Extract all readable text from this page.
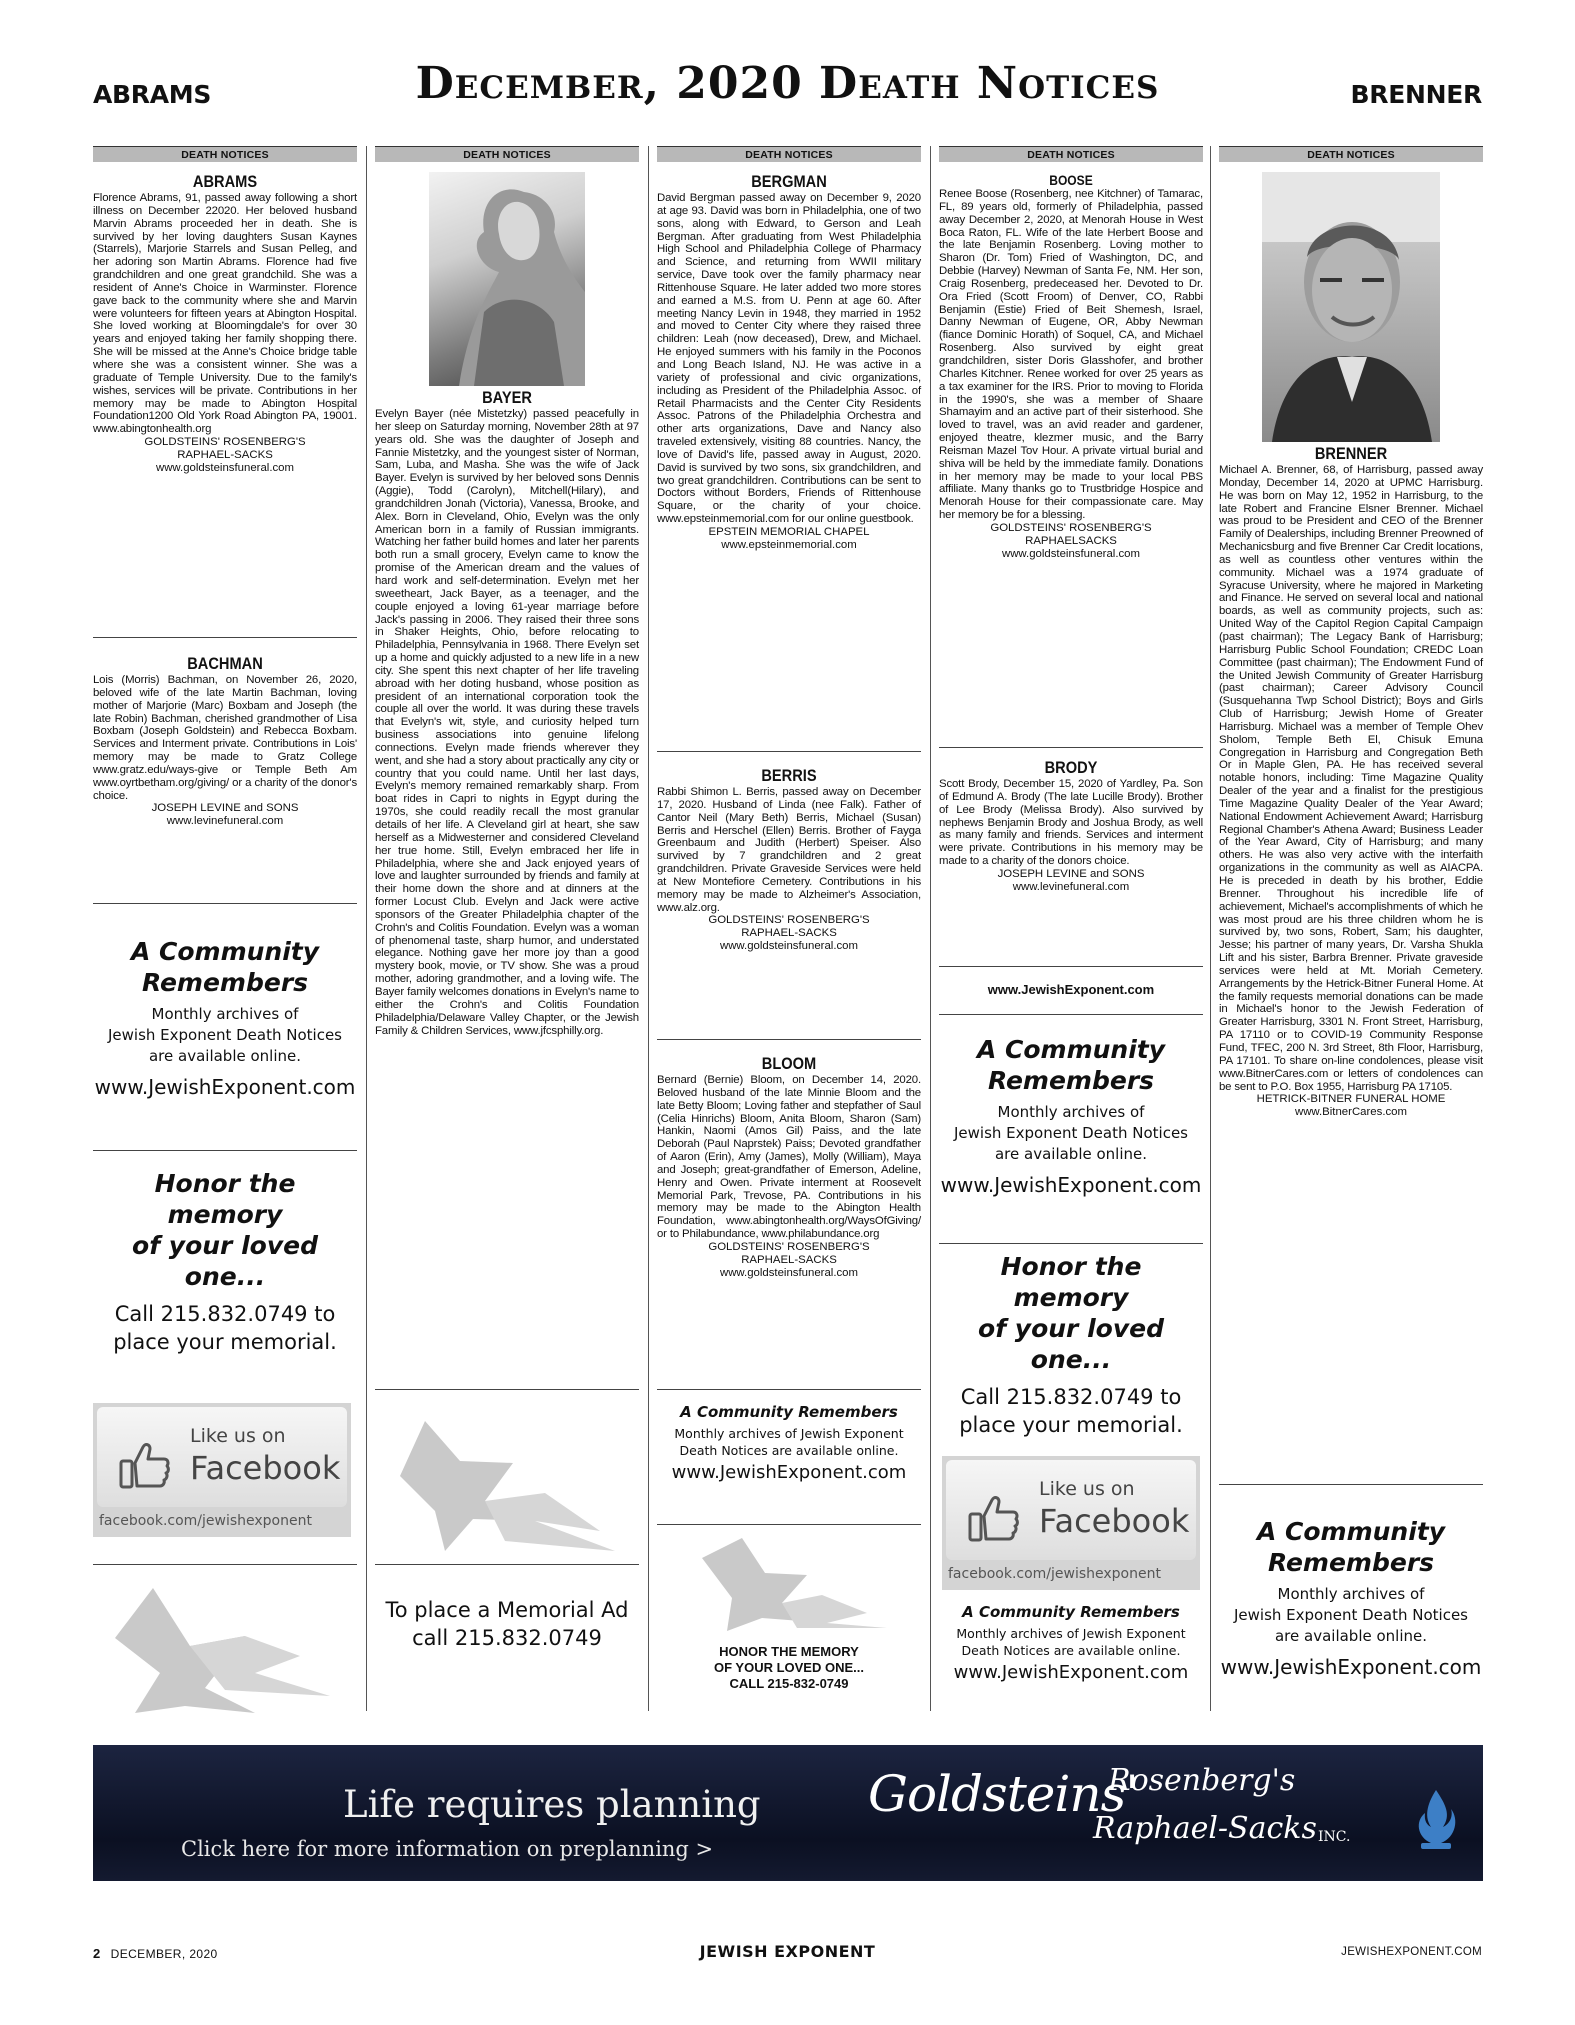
ABRAMS	December, 2020 Death Notices	BRENNER
DEATH NOTICES
ABRAMS
Florence Abrams, 91, passed away following a short illness on December 22020. Her beloved husband Marvin Abrams proceeded her in death. She is survived by her loving daughters Susan Kaynes (Starrels), Marjorie Starrels and Susan Pelleg, and her adoring son Martin Abrams. Florence had five grandchildren and one great grandchild. She was a resident of Anne's Choice in Warminster. Florence gave back to the community where she and Marvin were volunteers for fifteen years at Abington Hospital. She loved working at Bloomingdale's for over 30 years and enjoyed taking her family shopping there. She will be missed at the Anne's Choice bridge table where she was a consistent winner. She was a graduate of Temple University. Due to the family's wishes, services will be private. Contributions in her memory may be made to Abington Hospital Foundation1200 Old York Road Abington PA, 19001. www.abingtonhealth.org
GOLDSTEINS' ROSENBERG'S
RAPHAEL-SACKS
www.goldsteinsfuneral.com
BACHMAN
Lois (Morris) Bachman, on November 26, 2020, beloved wife of the late Martin Bachman, loving mother of Marjorie (Marc) Boxbam and Joseph (the late Robin) Bachman, cherished grandmother of Lisa Boxbam (Joseph Goldstein) and Rebecca Boxbam. Services and Interment private. Contributions in Lois' memory may be made to Gratz College www.gratz.edu/ways-give or Temple Beth Am www.oyrtbetham.org/giving/ or a charity of the donor's choice.
JOSEPH LEVINE and SONS
www.levinefuneral.com
A Community
Remembers
Monthly archives of
Jewish Exponent Death Notices
are available online.
www.JewishExponent.com
Honor the memory
of your loved one...
Call 215.832.0749 to
place your memorial.
Like us on
Facebook
facebook.com/jewishexponent
DEATH NOTICES
BAYER
Evelyn Bayer (née Mistetzky) passed peacefully in her sleep on Saturday morning, November 28th at 97 years old. She was the daughter of Joseph and Fannie Mistetzky, and the youngest sister of Norman, Sam, Luba, and Masha. She was the wife of Jack Bayer. Evelyn is survived by her beloved sons Dennis (Aggie), Todd (Carolyn), Mitchell(Hilary), and grandchildren Jonah (Victoria), Vanessa, Brooke, and Alex. Born in Cleveland, Ohio, Evelyn was the only American born in a family of Russian immigrants. Watching her father build homes and later her parents both run a small grocery, Evelyn came to know the promise of the American dream and the values of hard work and self-determination. Evelyn met her sweetheart, Jack Bayer, as a teenager, and the couple enjoyed a loving 61-year marriage before Jack's passing in 2006. They raised their three sons in Shaker Heights, Ohio, before relocating to Philadelphia, Pennsylvania in 1968. There Evelyn set up a home and quickly adjusted to a new life in a new city. She spent this next chapter of her life traveling abroad with her doting husband, whose position as president of an international corporation took the couple all over the world. It was during these travels that Evelyn's wit, style, and curiosity helped turn business associations into genuine lifelong connections. Evelyn made friends wherever they went, and she had a story about practically any city or country that you could name. Until her last days, Evelyn's memory remained remarkably sharp. From boat rides in Capri to nights in Egypt during the 1970s, she could readily recall the most granular details of her life. A Cleveland girl at heart, she saw herself as a Midwesterner and considered Cleveland her true home. Still, Evelyn embraced her life in Philadelphia, where she and Jack enjoyed years of love and laughter surrounded by friends and family at their home down the shore and at dinners at the former Locust Club. Evelyn and Jack were active sponsors of the Greater Philadelphia chapter of the Crohn's and Colitis Foundation. Evelyn was a woman of phenomenal taste, sharp humor, and understated elegance. Nothing gave her more joy than a good mystery book, movie, or TV show. She was a proud mother, adoring grandmother, and a loving wife. The Bayer family welcomes donations in Evelyn's name to either the Crohn's and Colitis Foundation Philadelphia/Delaware Valley Chapter, or the Jewish Family & Children Services, www.jfcsphilly.org.
To place a Memorial Ad
call 215.832.0749
DEATH NOTICES
BERGMAN
David Bergman passed away on December 9, 2020 at age 93. David was born in Philadelphia, one of two sons, along with Edward, to Gerson and Leah Bergman. After graduating from West Philadelphia High School and Philadelphia College of Pharmacy and Science, and returning from WWII military service, Dave took over the family pharmacy near Rittenhouse Square. He later added two more stores and earned a M.S. from U. Penn at age 60. After meeting Nancy Levin in 1948, they married in 1952 and moved to Center City where they raised three children: Leah (now deceased), Drew, and Michael. He enjoyed summers with his family in the Poconos and Long Beach Island, NJ. He was active in a variety of professional and civic organizations, including as President of the Philadelphia Assoc. of Retail Pharmacists and the Center City Residents Assoc. Patrons of the Philadelphia Orchestra and other arts organizations, Dave and Nancy also traveled extensively, visiting 88 countries. Nancy, the love of David's life, passed away in August, 2020. David is survived by two sons, six grandchildren, and two great grandchildren. Contributions can be sent to Doctors without Borders, Friends of Rittenhouse Square, or the charity of your choice. www.epsteinmemorial.com for our online guestbook.
EPSTEIN MEMORIAL CHAPEL
www.epsteinmemorial.com
BERRIS
Rabbi Shimon L. Berris, passed away on December 17, 2020. Husband of Linda (nee Falk). Father of Cantor Neil (Mary Beth) Berris, Michael (Susan) Berris and Herschel (Ellen) Berris. Brother of Fayga Greenbaum and Judith (Herbert) Speiser. Also survived by 7 grandchildren and 2 great grandchildren. Private Graveside Services were held at New Montefiore Cemetery. Contributions in his memory may be made to Alzheimer's Association, www.alz.org.
GOLDSTEINS' ROSENBERG'S
RAPHAEL-SACKS
www.goldsteinsfuneral.com
BLOOM
Bernard (Bernie) Bloom, on December 14, 2020. Beloved husband of the late Minnie Bloom and the late Betty Bloom; Loving father and stepfather of Saul (Celia Hinrichs) Bloom, Anita Bloom, Sharon (Sam) Hankin, Naomi (Amos Gil) Paiss, and the late Deborah (Paul Naprstek) Paiss; Devoted grandfather of Aaron (Erin), Amy (James), Molly (William), Maya and Joseph; great-grandfather of Emerson, Adeline, Henry and Owen. Private interment at Roosevelt Memorial Park, Trevose, PA. Contributions in his memory may be made to the Abington Health Foundation, www.abingtonhealth.org/WaysOfGiving/ or to Philabundance, www.philabundance.org
GOLDSTEINS' ROSENBERG'S
RAPHAEL-SACKS
www.goldsteinsfuneral.com
A Community Remembers
Monthly archives of Jewish Exponent
Death Notices are available online.
www.JewishExponent.com
HONOR THE MEMORY
OF YOUR LOVED ONE...
CALL 215-832-0749
DEATH NOTICES
BOOSE
Renee Boose (Rosenberg, nee Kitchner) of Tamarac, FL, 89 years old, formerly of Philadelphia, passed away December 2, 2020, at Menorah House in West Boca Raton, FL. Wife of the late Herbert Boose and the late Benjamin Rosenberg. Loving mother to Sharon (Dr. Tom) Fried of Washington, DC, and Debbie (Harvey) Newman of Santa Fe, NM. Her son, Craig Rosenberg, predeceased her. Devoted to Dr. Ora Fried (Scott Froom) of Denver, CO, Rabbi Benjamin (Estie) Fried of Beit Shemesh, Israel, Danny Newman of Eugene, OR, Abby Newman (fiance Dominic Horath) of Soquel, CA, and Michael Rosenberg. Also survived by eight great grandchildren, sister Doris Glasshofer, and brother Charles Kitchner. Renee worked for over 25 years as a tax examiner for the IRS. Prior to moving to Florida in the 1990's, she was a member of Shaare Shamayim and an active part of their sisterhood. She loved to travel, was an avid reader and gardener, enjoyed theatre, klezmer music, and the Barry Reisman Mazel Tov Hour. A private virtual burial and shiva will be held by the immediate family. Donations in her memory may be made to your local PBS affiliate. Many thanks go to Trustbridge Hospice and Menorah House for their compassionate care. May her memory be for a blessing.
GOLDSTEINS' ROSENBERG'S
RAPHAELSACKS
www.goldsteinsfuneral.com
BRODY
Scott Brody, December 15, 2020 of Yardley, Pa. Son of Edmund A. Brody (The late Lucille Brody). Brother of Lee Brody (Melissa Brody). Also survived by nephews Benjamin Brody and Joshua Brody, as well as many family and friends. Services and interment were private. Contributions in his memory may be made to a charity of the donors choice.
JOSEPH LEVINE and SONS
www.levinefuneral.com
www.JewishExponent.com
A Community
Remembers
Monthly archives of
Jewish Exponent Death Notices
are available online.
www.JewishExponent.com
Honor the memory
of your loved one...
Call 215.832.0749 to
place your memorial.
Like us on
Facebook
facebook.com/jewishexponent
A Community Remembers
Monthly archives of Jewish Exponent
Death Notices are available online.
www.JewishExponent.com
DEATH NOTICES
BRENNER
Michael A. Brenner, 68, of Harrisburg, passed away Monday, December 14, 2020 at UPMC Harrisburg. He was born on May 12, 1952 in Harrisburg, to the late Robert and Francine Elsner Brenner. Michael was proud to be President and CEO of the Brenner Family of Dealerships, including Brenner Preowned of Mechanicsburg and five Brenner Car Credit locations, as well as countless other ventures within the community. Michael was a 1974 graduate of Syracuse University, where he majored in Marketing and Finance. He served on several local and national boards, as well as community projects, such as: United Way of the Capitol Region Capital Campaign (past chairman); The Legacy Bank of Harrisburg; Harrisburg Public School Foundation; CREDC Loan Committee (past chairman); The Endowment Fund of the United Jewish Community of Greater Harrisburg (past chairman); Career Advisory Council (Susquehanna Twp School District); Boys and Girls Club of Harrisburg; Jewish Home of Greater Harrisburg. Michael was a member of Temple Ohev Sholom, Temple Beth El, Chisuk Emuna Congregation in Harrisburg and Congregation Beth Or in Maple Glen, PA. He has received several notable honors, including: Time Magazine Quality Dealer of the year and a finalist for the prestigious Time Magazine Quality Dealer of the Year Award; National Endowment Achievement Award; Harrisburg Regional Chamber's Athena Award; Business Leader of the Year Award, City of Harrisburg; and many others. He was also very active with the interfaith organizations in the community as well as AIACPA. He is preceded in death by his brother, Eddie Brenner. Throughout his incredible life of achievement, Michael's accomplishments of which he was most proud are his three children whom he is survived by, two sons, Robert, Sam; his daughter, Jesse; his partner of many years, Dr. Varsha Shukla Lift and his sister, Barbra Brenner. Private graveside services were held at Mt. Moriah Cemetery. Arrangements by the Hetrick-Bitner Funeral Home. At the family requests memorial donations can be made in Michael's honor to the Jewish Federation of Greater Harrisburg, 3301 N. Front Street, Harrisburg, PA 17110 or to COVID-19 Community Response Fund, TFEC, 200 N. 3rd Street, 8th Floor, Harrisburg, PA 17101. To share on-line condolences, please visit www.BitnerCares.com or letters of condolences can be sent to P.O. Box 1955, Harrisburg PA 17105.
HETRICK-BITNER FUNERAL HOME
www.BitnerCares.com
A Community
Remembers
Monthly archives of
Jewish Exponent Death Notices
are available online.
www.JewishExponent.com
Life requires planning
Click here for more information on preplanning >
Goldsteins'
Rosenberg's
Raphael-Sacks INC.
2 DECEMBER, 2020	JEWISH EXPONENT	JEWISHEXPONENT.COM
